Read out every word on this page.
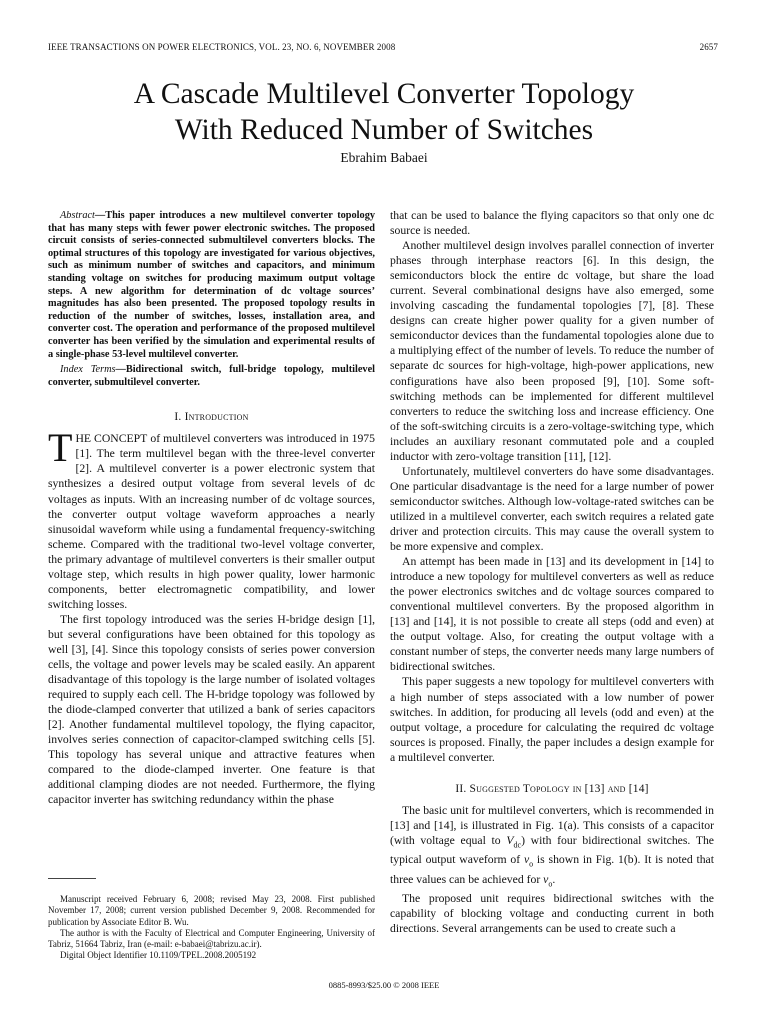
IEEE TRANSACTIONS ON POWER ELECTRONICS, VOL. 23, NO. 6, NOVEMBER 2008	2657
A Cascade Multilevel Converter Topology
With Reduced Number of Switches
Ebrahim Babaei

Abstract—This paper introduces a new multilevel converter topology that has many steps with fewer power electronic switches. The proposed circuit consists of series-connected submultilevel converters blocks. The optimal structures of this topology are investigated for various objectives, such as minimum number of switches and capacitors, and minimum standing voltage on switches for producing maximum output voltage steps. A new algorithm for determination of dc voltage sources’ magnitudes has also been presented. The proposed topology results in reduction of the number of switches, losses, installation area, and converter cost. The operation and performance of the proposed multilevel converter has been verified by the simulation and experimental results of a single-phase 53-level multilevel converter.

Index Terms—Bidirectional switch, full-bridge topology, multilevel converter, submultilevel converter.

I. Introduction

THE CONCEPT of multilevel converters was introduced in 1975 [1]. The term multilevel began with the three-level converter [2]. A multilevel converter is a power electronic system that synthesizes a desired output voltage from several levels of dc voltages as inputs. With an increasing number of dc voltage sources, the converter output voltage waveform approaches a nearly sinusoidal waveform while using a fundamental frequency-switching scheme. Compared with the traditional two-level voltage converter, the primary advantage of multilevel converters is their smaller output voltage step, which results in high power quality, lower harmonic components, better electromagnetic compatibility, and lower switching losses.

The first topology introduced was the series H-bridge design [1], but several configurations have been obtained for this topology as well [3], [4]. Since this topology consists of series power conversion cells, the voltage and power levels may be scaled easily. An apparent disadvantage of this topology is the large number of isolated voltages required to supply each cell. The H-bridge topology was followed by the diode-clamped converter that utilized a bank of series capacitors [2]. Another fundamental multilevel topology, the flying capacitor, involves series connection of capacitor-clamped switching cells [5]. This topology has several unique and attractive features when compared to the diode-clamped inverter. One feature is that additional clamping diodes are not needed. Furthermore, the flying capacitor inverter has switching redundancy within the phase

Manuscript received February 6, 2008; revised May 23, 2008. First published November 17, 2008; current version published December 9, 2008. Recommended for publication by Associate Editor B. Wu.

The author is with the Faculty of Electrical and Computer Engineering, University of Tabriz, 51664 Tabriz, Iran (e-mail: e-babaei@tabrizu.ac.ir).

Digital Object Identifier 10.1109/TPEL.2008.2005192

that can be used to balance the flying capacitors so that only one dc source is needed.

Another multilevel design involves parallel connection of inverter phases through interphase reactors [6]. In this design, the semiconductors block the entire dc voltage, but share the load current. Several combinational designs have also emerged, some involving cascading the fundamental topologies [7], [8]. These designs can create higher power quality for a given number of semiconductor devices than the fundamental topologies alone due to a multiplying effect of the number of levels. To reduce the number of separate dc sources for high-voltage, high-power applications, new configurations have also been proposed [9], [10]. Some soft-switching methods can be implemented for different multilevel converters to reduce the switching loss and increase efficiency. One of the soft-switching circuits is a zero-voltage-switching type, which includes an auxiliary resonant commutated pole and a coupled inductor with zero-voltage transition [11], [12].

Unfortunately, multilevel converters do have some disadvantages. One particular disadvantage is the need for a large number of power semiconductor switches. Although low-voltage-rated switches can be utilized in a multilevel converter, each switch requires a related gate driver and protection circuits. This may cause the overall system to be more expensive and complex.

An attempt has been made in [13] and its development in [14] to introduce a new topology for multilevel converters as well as reduce the power electronics switches and dc voltage sources compared to conventional multilevel converters. By the proposed algorithm in [13] and [14], it is not possible to create all steps (odd and even) at the output voltage. Also, for creating the output voltage with a constant number of steps, the converter needs many large numbers of bidirectional switches.

This paper suggests a new topology for multilevel converters with a high number of steps associated with a low number of power switches. In addition, for producing all levels (odd and even) at the output voltage, a procedure for calculating the required dc voltage sources is proposed. Finally, the paper includes a design example for a multilevel converter.

II. Suggested Topology in [13] and [14]

The basic unit for multilevel converters, which is recommended in [13] and [14], is illustrated in Fig. 1(a). This consists of a capacitor (with voltage equal to $V_{dc}$) with four bidirectional switches. The typical output waveform of $v_o$ is shown in Fig. 1(b). It is noted that three values can be achieved for $v_o$.

The proposed unit requires bidirectional switches with the capability of blocking voltage and conducting current in both directions. Several arrangements can be used to create such a

0885-8993/$25.00 © 2008 IEEE
